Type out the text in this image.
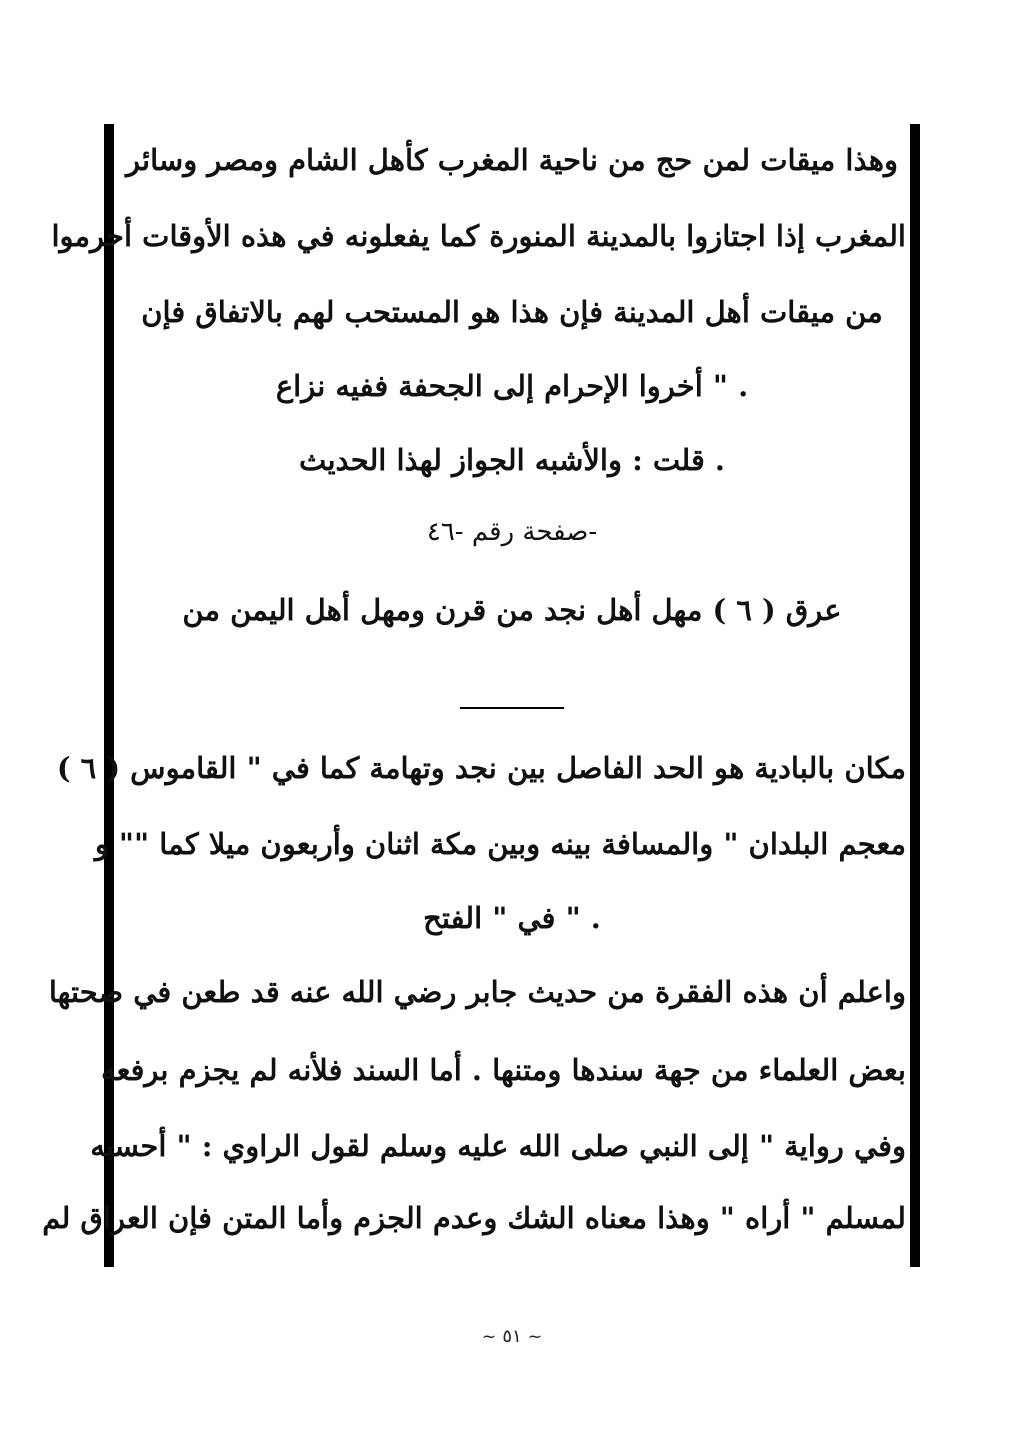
وهذا ميقات لمن حج من ناحية المغرب كأهل الشام ومصر وسائر
المغرب إذا اجتازوا بالمدينة المنورة كما يفعلونه في هذه الأوقات أحرموا
من ميقات أهل المدينة فإن هذا هو المستحب لهم بالاتفاق فإن
. " أخروا الإحرام إلى الجحفة ففيه نزاع
. قلت : والأشبه الجواز لهذا الحديث
-صفحة رقم -٤٦
عرق ( ٦ ) مهل أهل نجد من قرن ومهل أهل اليمن من
مكان بالبادية هو الحد الفاصل بين نجد وتهامة كما في " القاموس ( ٦ )
معجم البلدان " والمسافة بينه وبين مكة اثنان وأربعون ميلا كما "" و
. " في " الفتح
واعلم أن هذه الفقرة من حديث جابر رضي الله عنه قد طعن في صحتها
بعض العلماء من جهة سندها ومتنها . أما السند فلأنه لم يجزم برفعه
وفي رواية " إلى النبي صلى الله عليه وسلم لقول الراوي : " أحسبه
لمسلم " أراه " وهذا معناه الشك وعدم الجزم وأما المتن فإن العراق لم
~ ٥١ ~
